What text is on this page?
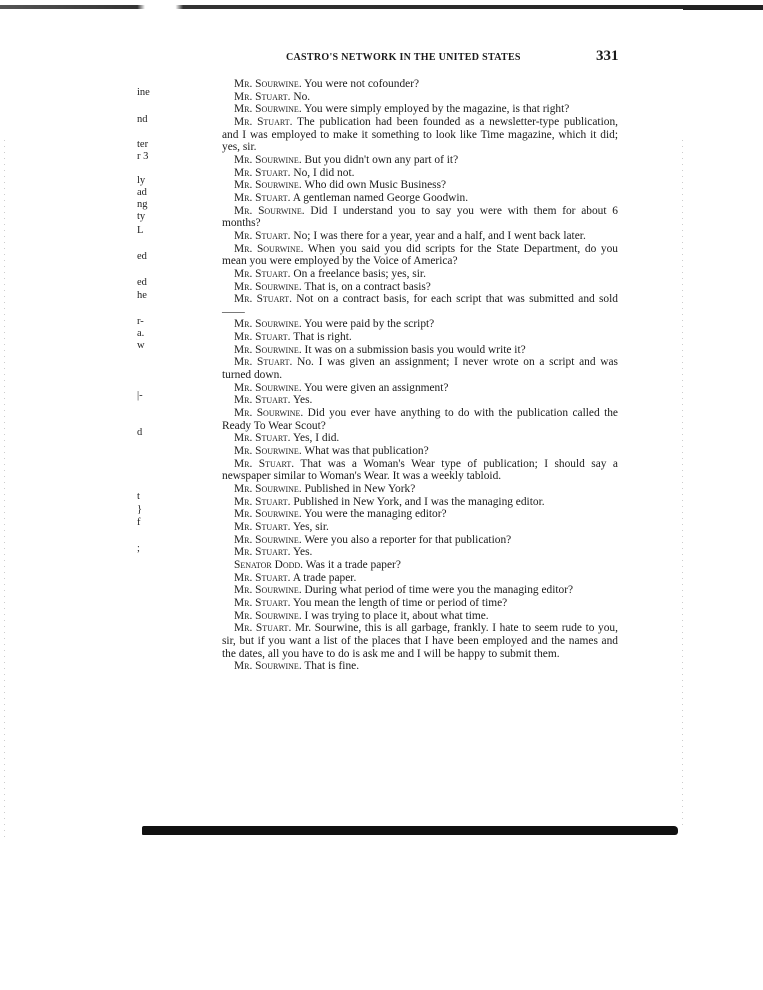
CASTRO'S NETWORK IN THE UNITED STATES	331
ine
nd
ter
r 3
ly
ad
ng
ty
L
ed
ed
he
r-
a.
w
|-
d
t
}
f
;

Mr. Sourwine. You were not cofounder?

Mr. Stuart. No.

Mr. Sourwine. You were simply employed by the magazine, is that right?

Mr. Stuart. The publication had been founded as a newsletter-type publication, and I was employed to make it something to look like Time magazine, which it did; yes, sir.

Mr. Sourwine. But you didn't own any part of it?

Mr. Stuart. No, I did not.

Mr. Sourwine. Who did own Music Business?

Mr. Stuart. A gentleman named George Goodwin.

Mr. Sourwine. Did I understand you to say you were with them for about 6 months?

Mr. Stuart. No; I was there for a year, year and a half, and I went back later.

Mr. Sourwine. When you said you did scripts for the State Department, do you mean you were employed by the Voice of America?

Mr. Stuart. On a freelance basis; yes, sir.

Mr. Sourwine. That is, on a contract basis?

Mr. Stuart. Not on a contract basis, for each script that was submitted and sold——

Mr. Sourwine. You were paid by the script?

Mr. Stuart. That is right.

Mr. Sourwine. It was on a submission basis you would write it?

Mr. Stuart. No. I was given an assignment; I never wrote on a script and was turned down.

Mr. Sourwine. You were given an assignment?

Mr. Stuart. Yes.

Mr. Sourwine. Did you ever have anything to do with the publication called the Ready To Wear Scout?

Mr. Stuart. Yes, I did.

Mr. Sourwine. What was that publication?

Mr. Stuart. That was a Woman's Wear type of publication; I should say a newspaper similar to Woman's Wear. It was a weekly tabloid.

Mr. Sourwine. Published in New York?

Mr. Stuart. Published in New York, and I was the managing editor.

Mr. Sourwine. You were the managing editor?

Mr. Stuart. Yes, sir.

Mr. Sourwine. Were you also a reporter for that publication?

Mr. Stuart. Yes.

Senator Dodd. Was it a trade paper?

Mr. Stuart. A trade paper.

Mr. Sourwine. During what period of time were you the managing editor?

Mr. Stuart. You mean the length of time or period of time?

Mr. Sourwine. I was trying to place it, about what time.

Mr. Stuart. Mr. Sourwine, this is all garbage, frankly. I hate to seem rude to you, sir, but if you want a list of the places that I have been employed and the names and the dates, all you have to do is ask me and I will be happy to submit them.

Mr. Sourwine. That is fine.
